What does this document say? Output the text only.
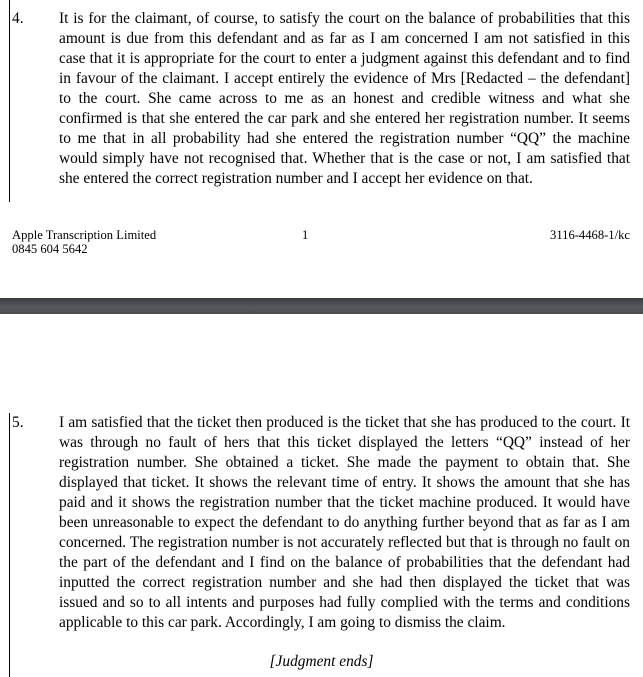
4. It is for the claimant, of course, to satisfy the court on the balance of probabilities that this amount is due from this defendant and as far as I am concerned I am not satisfied in this case that it is appropriate for the court to enter a judgment against this defendant and to find in favour of the claimant. I accept entirely the evidence of Mrs [Redacted – the defendant] to the court. She came across to me as an honest and credible witness and what she confirmed is that she entered the car park and she entered her registration number. It seems to me that in all probability had she entered the registration number “QQ” the machine would simply have not recognised that. Whether that is the case or not, I am satisfied that she entered the correct registration number and I accept her evidence on that.
Apple Transcription Limited
0845 604 5642
1	3116-4468-1/kc
5. I am satisfied that the ticket then produced is the ticket that she has produced to the court. It was through no fault of hers that this ticket displayed the letters “QQ” instead of her registration number. She obtained a ticket. She made the payment to obtain that. She displayed that ticket. It shows the relevant time of entry. It shows the amount that she has paid and it shows the registration number that the ticket machine produced. It would have been unreasonable to expect the defendant to do anything further beyond that as far as I am concerned. The registration number is not accurately reflected but that is through no fault on the part of the defendant and I find on the balance of probabilities that the defendant had inputted the correct registration number and she had then displayed the ticket that was issued and so to all intents and purposes had fully complied with the terms and conditions applicable to this car park. Accordingly, I am going to dismiss the claim.
[Judgment ends]
